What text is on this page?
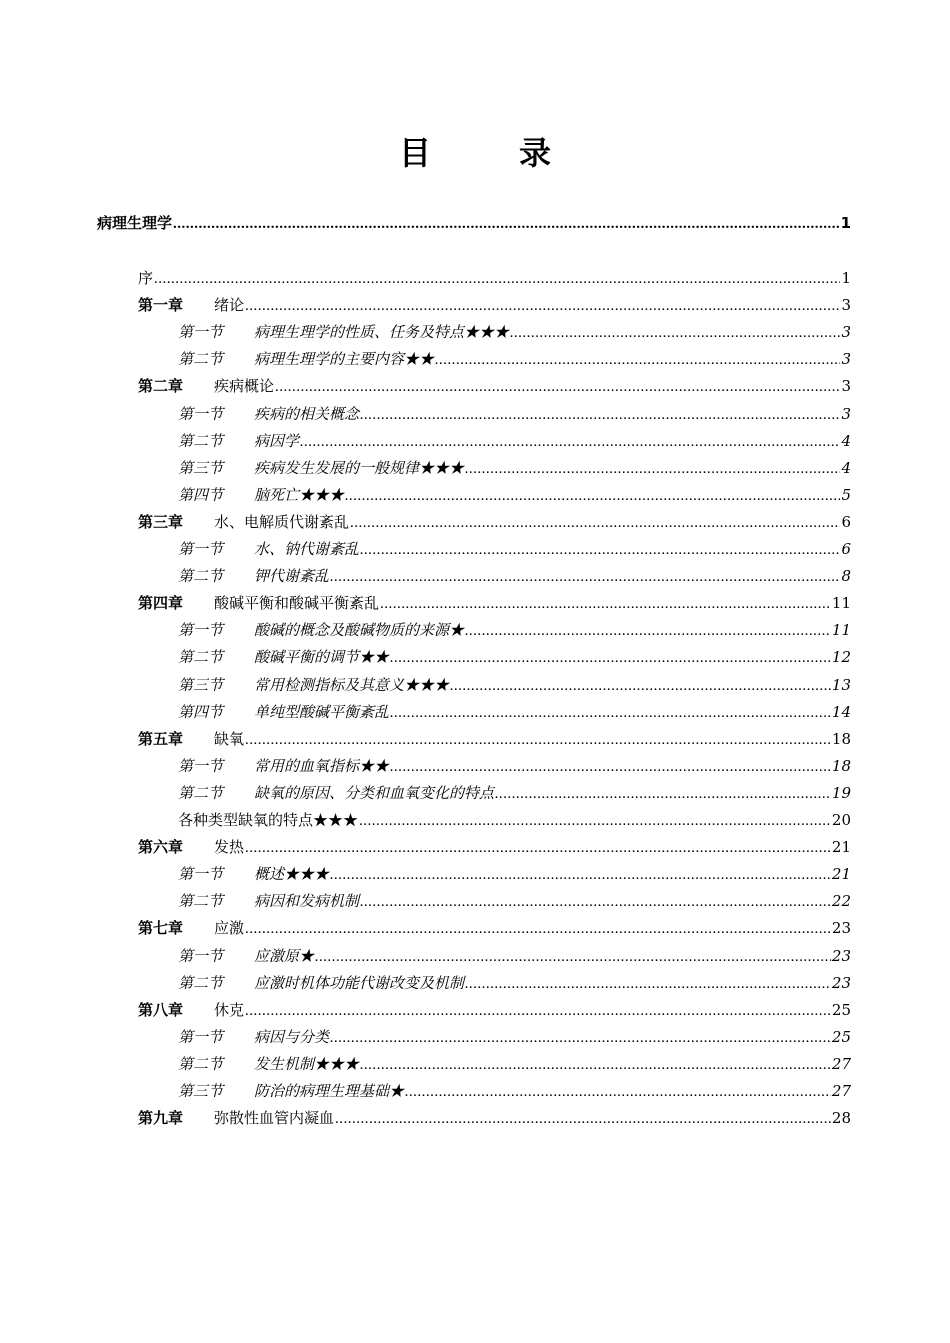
目　录
病理生理学 .....	1
序 .....	1
第一章 绪论 .....	3
第一节 病理生理学的性质、任务及特点★★★ .....	3
第二节 病理生理学的主要内容★★ .....	3
第二章 疾病概论 .....	3
第一节 疾病的相关概念 .....	3
第二节 病因学 .....	4
第三节 疾病发生发展的一般规律★★★ .....	4
第四节 脑死亡★★★ .....	5
第三章 水、电解质代谢紊乱 .....	6
第一节 水、钠代谢紊乱 .....	6
第二节 钾代谢紊乱 .....	8
第四章 酸碱平衡和酸碱平衡紊乱 .....	11
第一节 酸碱的概念及酸碱物质的来源★ .....	11
第二节 酸碱平衡的调节★★ .....	12
第三节 常用检测指标及其意义★★★ .....	13
第四节 单纯型酸碱平衡紊乱 .....	14
第五章 缺氧 .....	18
第一节 常用的血氧指标★★ .....	18
第二节 缺氧的原因、分类和血氧变化的特点 .....	19
各种类型缺氧的特点★★★ .....	20
第六章 发热 .....	21
第一节 概述★★★ .....	21
第二节 病因和发病机制 .....	22
第七章 应激 .....	23
第一节 应激原★ .....	23
第二节 应激时机体功能代谢改变及机制 .....	23
第八章 休克 .....	25
第一节 病因与分类 .....	25
第二节 发生机制★★★ .....	27
第三节 防治的病理生理基础★ .....	27
第九章 弥散性血管内凝血 .....	28
